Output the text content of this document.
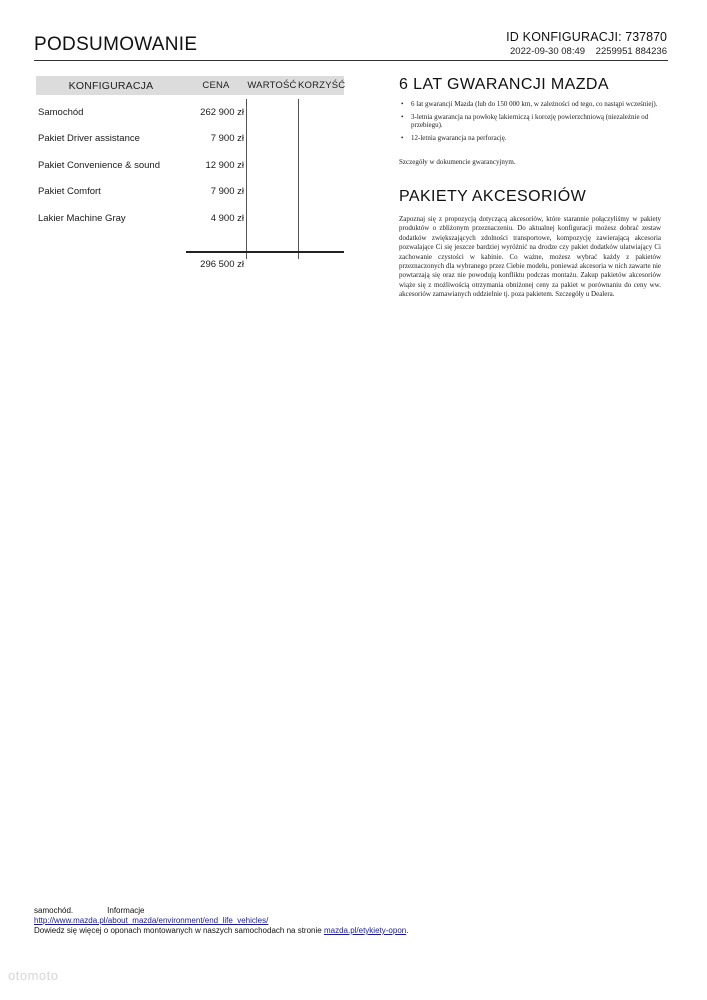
PODSUMOWANIE	ID KONFIGURACJI: 737870
2022-09-30 08:49 2259951 884236
KONFIGURACJA	CENA	WARTOŚĆ KORZYŚĆ
Samochód	262 900 zł
Pakiet Driver assistance	7 900 zł
Pakiet Convenience & sound	12 900 zł
Pakiet Comfort	7 900 zł
Lakier Machine Gray	4 900 zł
296 500 zł
6 LAT GWARANCJI MAZDA
• 6 lat gwarancji Mazda (lub do 150 000 km, w zależności od tego, co nastąpi wcześniej).
• 3-letnia gwarancja na powłokę lakierniczą i korozję powierzchniową (niezależnie od przebiegu).
• 12-letnia gwarancja na perforację.
Szczegóły w dokumencie gwarancyjnym.
PAKIETY AKCESORIÓW

Zapoznaj się z propozycją dotyczącą akcesoriów, które starannie połączyliśmy w pakiety produktów o zbliżonym przeznaczeniu. Do aktualnej konfiguracji możesz dobrać zestaw dodatków zwiększających zdolności transportowe, kompozycję zawierającą akcesoria pozwalające Ci się jeszcze bardziej wyróżnić na drodze czy pakiet dodatków ułatwiający Ci zachowanie czystości w kabinie. Co ważne, możesz wybrać każdy z pakietów przeznaczonych dla wybranego przez Ciebie modelu, ponieważ akcesoria w nich zawarte nie powtarzają się oraz nie powodują konfliktu podczas montażu. Zakup pakietów akcesoriów wiąże się z możliwością otrzymania obniżonej ceny za pakiet w porównaniu do ceny ww. akcesoriów zamawianych oddzielnie tj. poza pakietem. Szczegóły u Dealera.

samochód.	Informacje
http://www.mazda.pl/about_mazda/environment/end_life_vehicles/
Dowiedz się więcej o oponach montowanych w naszych samochodach na stronie mazda.pl/etykiety-opon.
otomoto
